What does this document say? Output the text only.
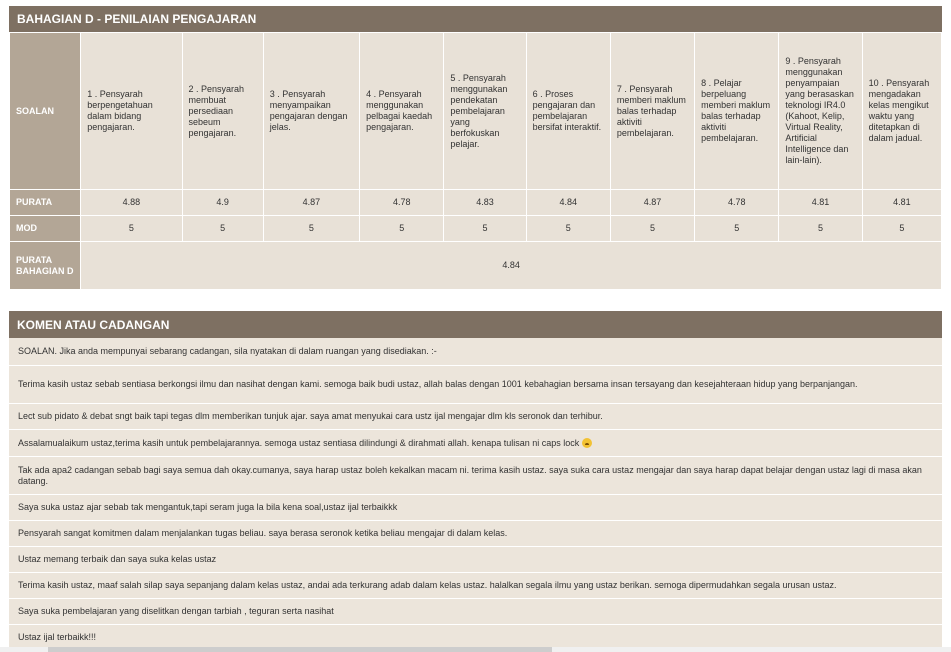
BAHAGIAN D - PENILAIAN PENGAJARAN
SOALAN	1 . Pensyarah berpengetahuan dalam bidang pengajaran.	2 . Pensyarah membuat persediaan sebeum pengajaran.	3 . Pensyarah menyampaikan pengajaran dengan jelas.	4 . Pensyarah menggunakan pelbagai kaedah pengajaran.	5 . Pensyarah menggunakan pendekatan pembelajaran yang berfokuskan pelajar.	6 . Proses pengajaran dan pembelajaran bersifat interaktif.	7 . Pensyarah memberi maklum balas terhadap aktiviti pembelajaran.	8 . Pelajar berpeluang memberi maklum balas terhadap aktiviti pembelajaran.	9 . Pensyarah menggunakan penyampaian yang berasaskan teknologi IR4.0 (Kahoot, Kelip, Virtual Reality, Artificial Intelligence dan lain-lain).	10 . Pensyarah mengadakan kelas mengikut waktu yang ditetapkan di dalam jadual.

PURATA	4.88	4.9	4.87	4.78	4.83	4.84	4.87	4.78	4.81	4.81
MOD	5	5	5	5	5	5	5	5	5	5
PURATA BAHAGIAN D	4.84									
KOMEN ATAU CADANGAN
SOALAN. Jika anda mempunyai sebarang cadangan, sila nyatakan di dalam ruangan yang disediakan. :-
Terima kasih ustaz sebab sentiasa berkongsi ilmu dan nasihat dengan kami. semoga baik budi ustaz, allah balas dengan 1001 kebahagian bersama insan tersayang dan kesejahteraan hidup yang berpanjangan.
Lect sub pidato & debat sngt baik tapi tegas dlm memberikan tunjuk ajar. saya amat menyukai cara ustz ijal mengajar dlm kls seronok dan terhibur.
Assalamualaikum ustaz,terima kasih untuk pembelajarannya. semoga ustaz sentiasa dilindungi & dirahmati allah. kenapa tulisan ni caps lock
Tak ada apa2 cadangan sebab bagi saya semua dah okay.cumanya, saya harap ustaz boleh kekalkan macam ni. terima kasih ustaz. saya suka cara ustaz mengajar dan saya harap dapat belajar dengan ustaz lagi di masa akan datang.
Saya suka ustaz ajar sebab tak mengantuk,tapi seram juga la bila kena soal,ustaz ijal terbaikkk
Pensyarah sangat komitmen dalam menjalankan tugas beliau. saya berasa seronok ketika beliau mengajar di dalam kelas.
Ustaz memang terbaik dan saya suka kelas ustaz
Terima kasih ustaz, maaf salah silap saya sepanjang dalam kelas ustaz, andai ada terkurang adab dalam kelas ustaz. halalkan segala ilmu yang ustaz berikan. semoga dipermudahkan segala urusan ustaz.
Saya suka pembelajaran yang diselitkan dengan tarbiah , teguran serta nasihat
Ustaz ijal terbaikk!!!
